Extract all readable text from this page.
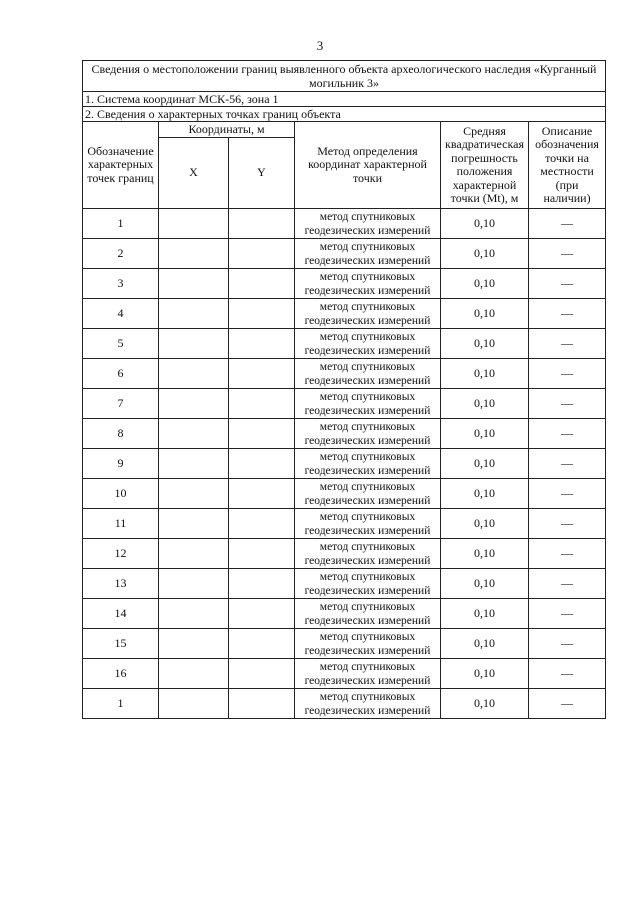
3
Сведения о местоположении границ выявленного объекта археологического наследия «Курганный могильник 3»					
1. Система координат МСК-56, зона 1					
2. Сведения о характерных точках границ объекта					
Обозначение характерных точек границ	Координаты, м		Метод определения координат характерной точки	Средняя квадратическая погрешность положения характерной точки (Mt), м	Описание обозначения точки на местности (при наличии)
	X	Y			
1			метод спутниковых
геодезических измерений	0,10	—
2			метод спутниковых
геодезических измерений	0,10	—
3			метод спутниковых
геодезических измерений	0,10	—
4			метод спутниковых
геодезических измерений	0,10	—
5			метод спутниковых
геодезических измерений	0,10	—
6			метод спутниковых
геодезических измерений	0,10	—
7			метод спутниковых
геодезических измерений	0,10	—
8			метод спутниковых
геодезических измерений	0,10	—
9			метод спутниковых
геодезических измерений	0,10	—
10			метод спутниковых
геодезических измерений	0,10	—
11			метод спутниковых
геодезических измерений	0,10	—
12			метод спутниковых
геодезических измерений	0,10	—
13			метод спутниковых
геодезических измерений	0,10	—
14			метод спутниковых
геодезических измерений	0,10	—
15			метод спутниковых
геодезических измерений	0,10	—
16			метод спутниковых
геодезических измерений	0,10	—
1			метод спутниковых
геодезических измерений	0,10	—
